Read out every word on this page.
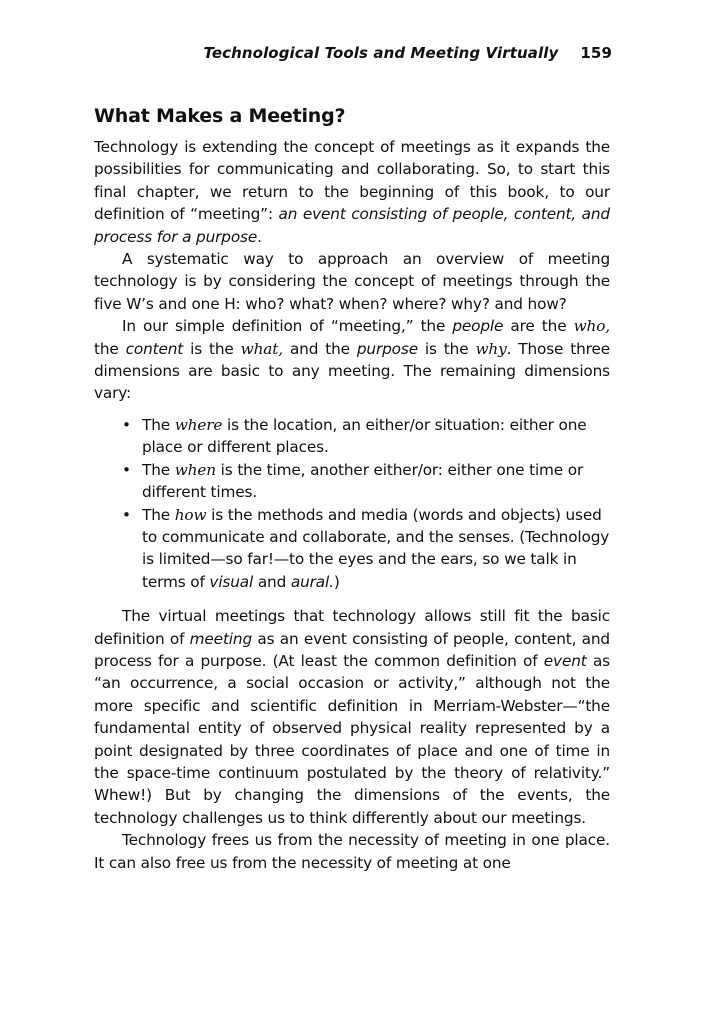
Technological Tools and Meeting Virtually 159
What Makes a Meeting?

Technology is extending the concept of meetings as it expands the possibilities for communicating and collaborating. So, to start this final chapter, we return to the beginning of this book, to our definition of “meeting”: an event consisting of people, content, and process for a purpose.

A systematic way to approach an overview of meeting technology is by considering the concept of meetings through the five W’s and one H: who? what? when? where? why? and how?

In our simple definition of “meeting,” the people are the who, the content is the what, and the purpose is the why. Those three dimensions are basic to any meeting. The remaining dimensions vary:

• The where is the location, an either/or situation: either one place or different places.
• The when is the time, another either/or: either one time or different times.
• The how is the methods and media (words and objects) used to communicate and collaborate, and the senses. (Technology is limited—so far!—to the eyes and the ears, so we talk in terms of visual and aural.)

The virtual meetings that technology allows still fit the basic definition of meeting as an event consisting of people, content, and process for a purpose. (At least the common definition of event as “an occurrence, a social occasion or activity,” although not the more specific and scientific definition in Merriam-Webster—“the fundamental entity of observed physical reality represented by a point designated by three coordinates of place and one of time in the space-time continuum postulated by the theory of relativity.” Whew!) But by changing the dimensions of the events, the technology challenges us to think differently about our meetings.

Technology frees us from the necessity of meeting in one place. It can also free us from the necessity of meeting at one
